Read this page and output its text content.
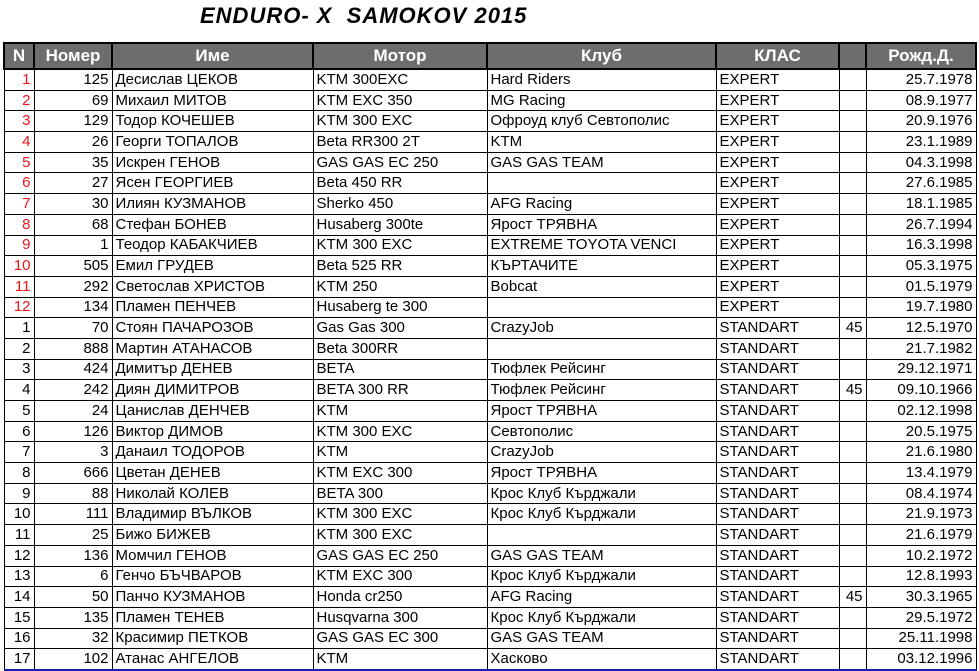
ENDURO- X  SAMOKOV 2015
N	Номер	Име	Мотор	Клуб	КЛАС		Рожд.Д.
1	125	Десислав ЦЕКОВ	KTM 300EXC	Hard Riders	EXPERT		25.7.1978
2	69	Михаил МИТОВ	KTM EXC 350	MG Racing	EXPERT		08.9.1977
3	129	Тодор КОЧЕШЕВ	KTM 300 EXC	Офроуд клуб Севтополис	EXPERT		20.9.1976
4	26	Георги ТОПАЛОВ	Beta RR300 2T	KTM	EXPERT		23.1.1989
5	35	Искрен ГЕНОВ	GAS GAS EC 250	GAS GAS TEAM	EXPERT		04.3.1998
6	27	Ясен ГЕОРГИЕВ	Beta 450 RR		EXPERT		27.6.1985
7	30	Илиян КУЗМАНОВ	Sherko 450	AFG Racing	EXPERT		18.1.1985
8	68	Стефан БОНЕВ	Husaberg 300te	Ярост ТРЯВНА	EXPERT		26.7.1994
9	1	Теодор КАБАКЧИЕВ	KTM 300 EXC	EXTREME TOYOTA VENCI	EXPERT		16.3.1998
10	505	Емил ГРУДЕВ	Beta 525 RR	КЪРТАЧИТЕ	EXPERT		05.3.1975
11	292	Светослав ХРИСТОВ	KTM 250	Bobcat	EXPERT		01.5.1979
12	134	Пламен ПЕНЧЕВ	Husaberg te 300		EXPERT		19.7.1980
1	70	Стоян ПАЧАРОЗОВ	Gas Gas 300	CrazyJob	STANDART	45	12.5.1970
2	888	Мартин АТАНАСОВ	Beta 300RR		STANDART		21.7.1982
3	424	Димитър ДЕНЕВ	BETA	Тюфлек Рейсинг	STANDART		29.12.1971
4	242	Диян ДИМИТРОВ	BETA 300 RR	Тюфлек Рейсинг	STANDART	45	09.10.1966
5	24	Цанислав ДЕНЧЕВ	KTM	Ярост ТРЯВНА	STANDART		02.12.1998
6	126	Виктор ДИМОВ	KTM 300 EXC	Севтополис	STANDART		20.5.1975
7	3	Данаил ТОДОРОВ	KTM	CrazyJob	STANDART		21.6.1980
8	666	Цветан ДЕНЕВ	KTM EXC 300	Ярост ТРЯВНА	STANDART		13.4.1979
9	88	Николай КОЛЕВ	BETA 300	Крос Клуб Кърджали	STANDART		08.4.1974
10	111	Владимир ВЪЛКОВ	KTM 300 EXC	Крос Клуб Кърджали	STANDART		21.9.1973
11	25	Бижо БИЖЕВ	KTM 300 EXC		STANDART		21.6.1979
12	136	Момчил ГЕНОВ	GAS GAS EC 250	GAS GAS TEAM	STANDART		10.2.1972
13	6	Генчо БЪЧВАРОВ	KTM EXC 300	Крос Клуб Кърджали	STANDART		12.8.1993
14	50	Панчо КУЗМАНОВ	Honda cr250	AFG Racing	STANDART	45	30.3.1965
15	135	Пламен ТЕНЕВ	Husqvarna 300	Крос Клуб Кърджали	STANDART		29.5.1972
16	32	Красимир ПЕТКОВ	GAS GAS EC 300	GAS GAS TEAM	STANDART		25.11.1998
17	102	Атанас АНГЕЛОВ	KTM	Хасково	STANDART		03.12.1996
